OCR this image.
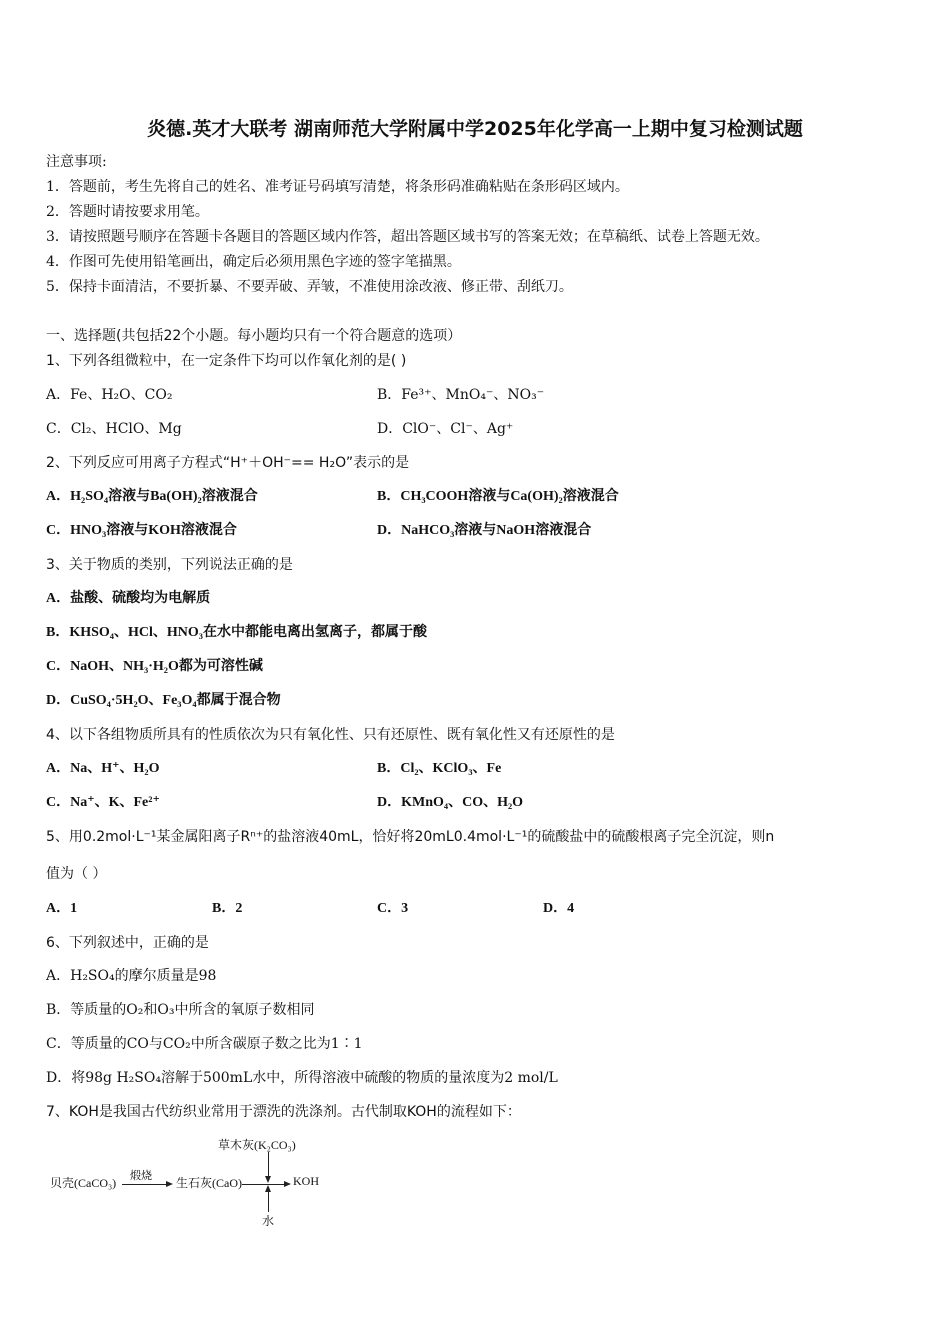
炎德.英才大联考 湖南师范大学附属中学2025年化学高一上期中复习检测试题
注意事项:
1．答题前，考生先将自己的姓名、准考证号码填写清楚，将条形码准确粘贴在条形码区域内。
2．答题时请按要求用笔。
3．请按照题号顺序在答题卡各题目的答题区域内作答，超出答题区域书写的答案无效；在草稿纸、试卷上答题无效。
4．作图可先使用铅笔画出，确定后必须用黑色字迹的签字笔描黑。
5．保持卡面清洁，不要折暴、不要弄破、弄皱，不准使用涂改液、修正带、刮纸刀。
一、选择题(共包括22个小题。每小题均只有一个符合题意的选项）
1、下列各组微粒中，在一定条件下均可以作氧化剂的是( )
A．Fe、H₂O、CO₂	B．Fe³⁺、MnO₄⁻、NO₃⁻
C．Cl₂、HClO、Mg	D．ClO⁻、Cl⁻、Ag⁺
2、下列反应可用离子方程式“H⁺＋OH⁻== H₂O”表示的是
A．H₂SO₄溶液与Ba(OH)₂溶液混合	B．CH₃COOH溶液与Ca(OH)₂溶液混合
C．HNO₃溶液与KOH溶液混合	D．NaHCO₃溶液与NaOH溶液混合
3、关于物质的类别，下列说法正确的是
A．盐酸、硫酸均为电解质
B．KHSO₄、HCl、HNO₃在水中都能电离出氢离子，都属于酸
C．NaOH、NH₃·H₂O都为可溶性碱
D．CuSO₄·5H₂O、Fe₃O₄都属于混合物
4、以下各组物质所具有的性质依次为只有氧化性、只有还原性、既有氧化性又有还原性的是
A．Na、H⁺、H₂O	B．Cl₂、KClO₃、Fe
C．Na⁺、K、Fe²⁺	D．KMnO₄、CO、H₂O
5、用0.2mol·L⁻¹某金属阳离子Rⁿ⁺的盐溶液40mL，恰好将20mL0.4mol·L⁻¹的硫酸盐中的硫酸根离子完全沉淀，则n
值为（ ）
A．1	B．2	C．3	D．4
6、下列叙述中，正确的是
A．H₂SO₄的摩尔质量是98
B．等质量的O₂和O₃中所含的氧原子数相同
C．等质量的CO与CO₂中所含碳原子数之比为1∶1
D．将98g H₂SO₄溶解于500mL水中，所得溶液中硫酸的物质的量浓度为2 mol/L
7、KOH是我国古代纺织业常用于漂洗的洗涤剂。古代制取KOH的流程如下：
贝壳(CaCO₃) 煅烧 生石灰(CaO)	KOH
草木灰(K₂CO₃)
水
